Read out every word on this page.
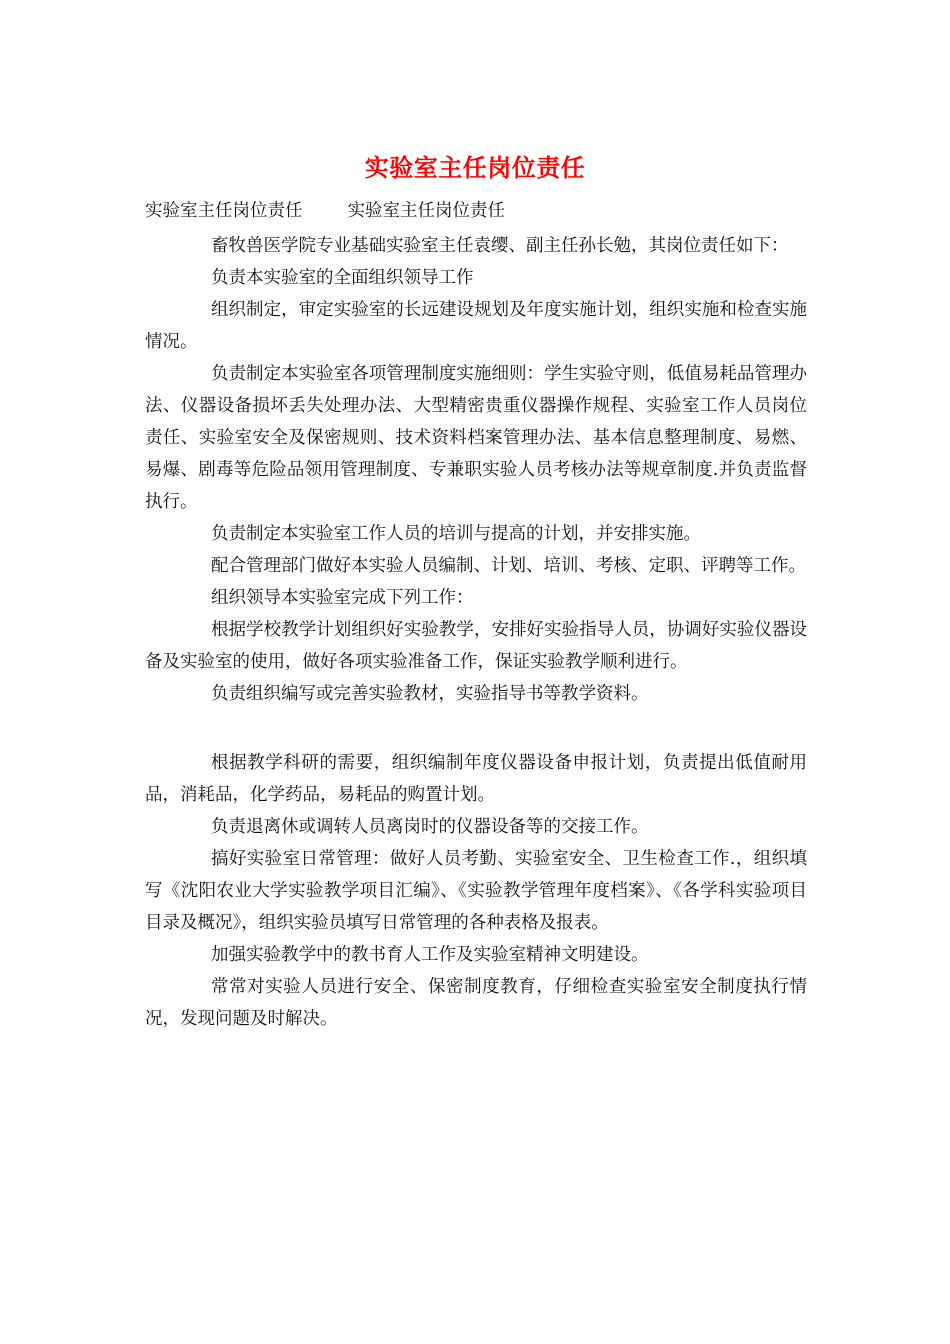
实验室主任岗位责任
实验室主任岗位责任	实验室主任岗位责任

畜牧兽医学院专业基础实验室主任袁缨、副主任孙长勉，其岗位责任如下：

负责本实验室的全面组织领导工作

组织制定，审定实验室的长远建设规划及年度实施计划，组织实施和检查实施情况。

负责制定本实验室各项管理制度实施细则：学生实验守则，低值易耗品管理办法、仪器设备损坏丢失处理办法、大型精密贵重仪器操作规程、实验室工作人员岗位责任、实验室安全及保密规则、技术资料档案管理办法、基本信息整理制度、易燃、易爆、剧毒等危险品领用管理制度、专兼职实验人员考核办法等规章制度.并负责监督执行。

负责制定本实验室工作人员的培训与提高的计划，并安排实施。

配合管理部门做好本实验人员编制、计划、培训、考核、定职、评聘等工作。

组织领导本实验室完成下列工作：

根据学校教学计划组织好实验教学，安排好实验指导人员，协调好实验仪器设备及实验室的使用，做好各项实验准备工作，保证实验教学顺利进行。

负责组织编写或完善实验教材，实验指导书等教学资料。

根据教学科研的需要，组织编制年度仪器设备申报计划，负责提出低值耐用品，消耗品，化学药品，易耗品的购置计划。

负责退离休或调转人员离岗时的仪器设备等的交接工作。

搞好实验室日常管理：做好人员考勤、实验室安全、卫生检查工作.，组织填写《沈阳农业大学实验教学项目汇编》、《实验教学管理年度档案》、《各学科实验项目目录及概况》，组织实验员填写日常管理的各种表格及报表。

加强实验教学中的教书育人工作及实验室精神文明建设。

常常对实验人员进行安全、保密制度教育，仔细检查实验室安全制度执行情况，发现问题及时解决。
